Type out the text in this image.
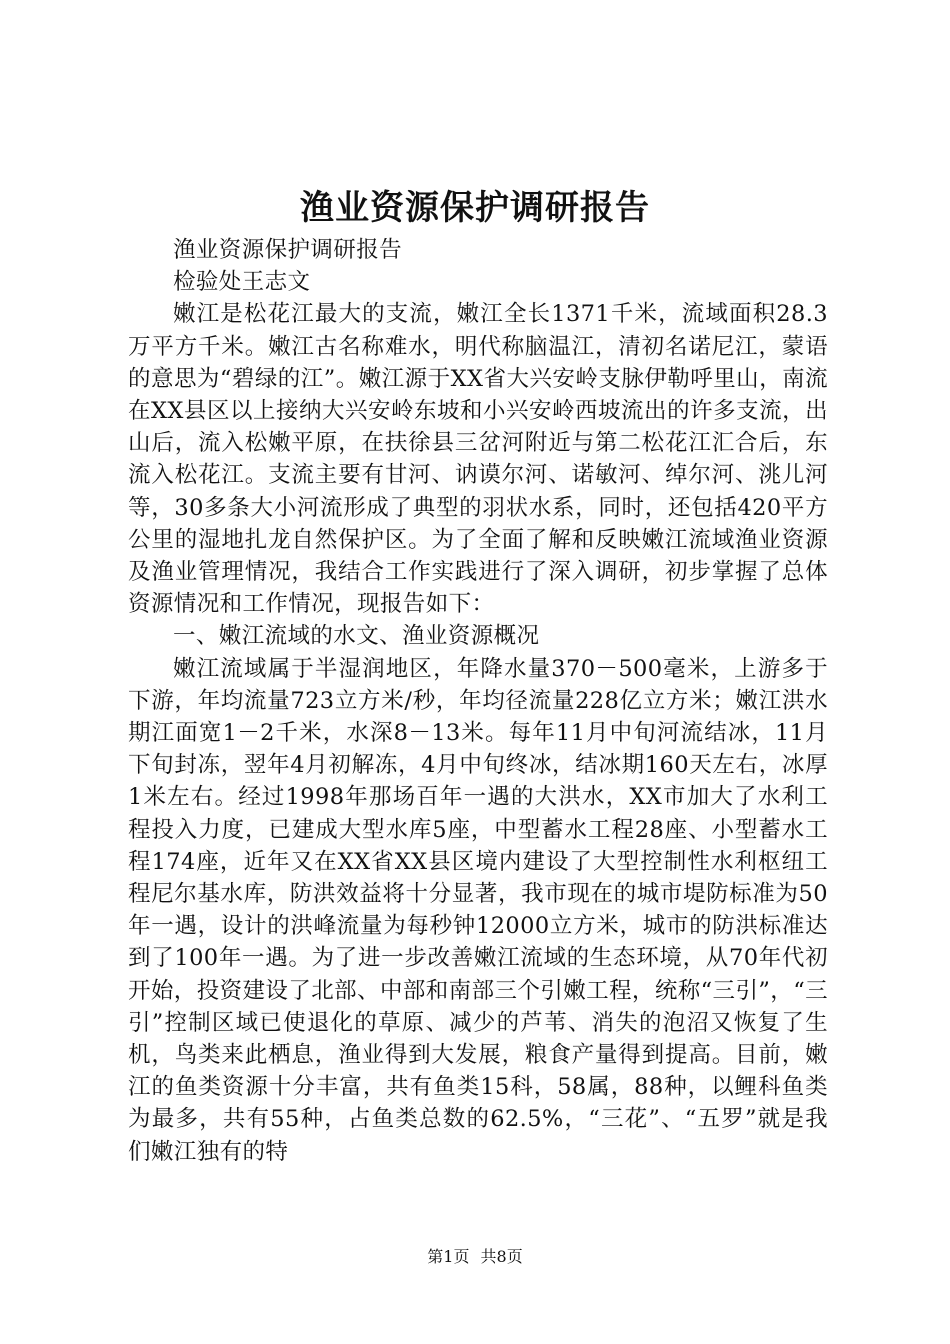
渔业资源保护调研报告

渔业资源保护调研报告

检验处王志文

嫩江是松花江最大的支流，嫩江全长1371千米，流域面积28.3万平方千米。嫩江古名称难水，明代称脑温江，清初名诺尼江，蒙语的意思为“碧绿的江”。嫩江源于XX省大兴安岭支脉伊勒呼里山，南流在XX县区以上接纳大兴安岭东坡和小兴安岭西坡流出的许多支流，出山后，流入松嫩平原，在扶徐县三岔河附近与第二松花江汇合后，东流入松花江。支流主要有甘河、讷谟尔河、诺敏河、绰尔河、洮儿河等，30多条大小河流形成了典型的羽状水系，同时，还包括420平方公里的湿地扎龙自然保护区。为了全面了解和反映嫩江流域渔业资源及渔业管理情况，我结合工作实践进行了深入调研，初步掌握了总体资源情况和工作情况，现报告如下：

一、嫩江流域的水文、渔业资源概况

嫩江流域属于半湿润地区，年降水量370－500毫米，上游多于下游，年均流量723立方米/秒，年均径流量228亿立方米；嫩江洪水期江面宽1－2千米，水深8－13米。每年11月中旬河流结冰，11月下旬封冻，翌年4月初解冻，4月中旬终冰，结冰期160天左右，冰厚1米左右。经过1998年那场百年一遇的大洪水，XX市加大了水利工程投入力度，已建成大型水库5座，中型蓄水工程28座、小型蓄水工程174座，近年又在XX省XX县区境内建设了大型控制性水利枢纽工程尼尔基水库，防洪效益将十分显著，我市现在的城市堤防标准为50年一遇，设计的洪峰流量为每秒钟12000立方米，城市的防洪标准达到了100年一遇。为了进一步改善嫩江流域的生态环境，从70年代初开始，投资建设了北部、中部和南部三个引嫩工程，统称“三引”，“三引”控制区域已使退化的草原、减少的芦苇、消失的泡沼又恢复了生机，鸟类来此栖息，渔业得到大发展，粮食产量得到提高。目前，嫩江的鱼类资源十分丰富，共有鱼类15科，58属，88种，以鲤科鱼类为最多，共有55种，占鱼类总数的62.5%，“三花”、“五罗”就是我们嫩江独有的特

第1页 共8页
